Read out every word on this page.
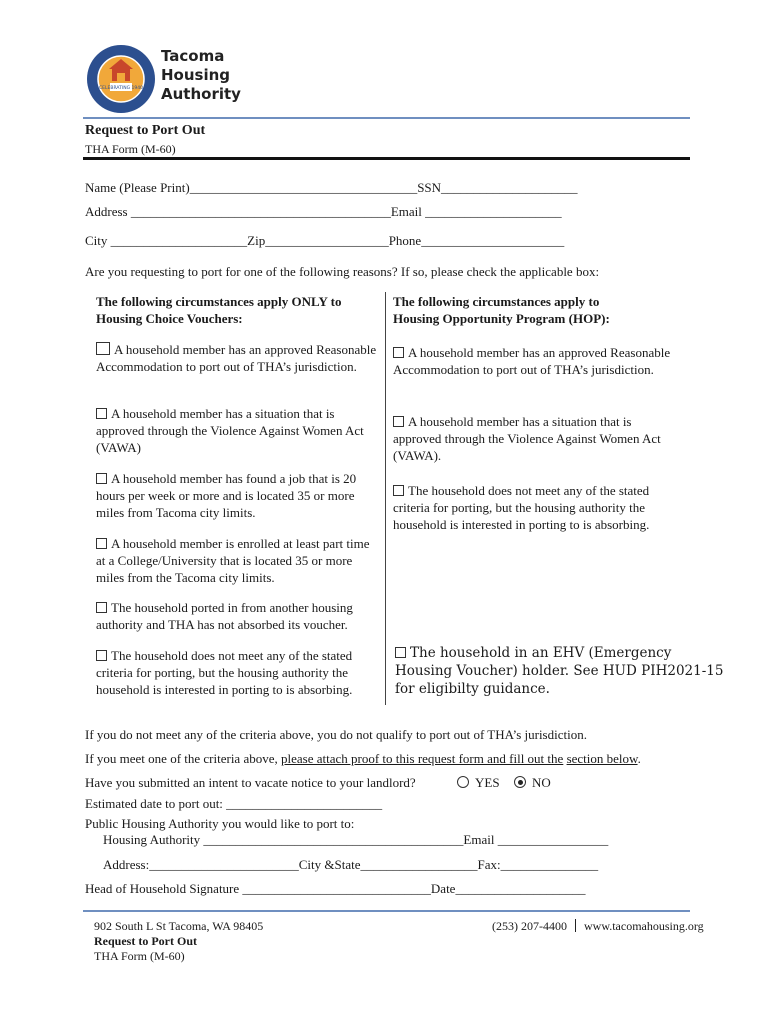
CELEBRATING 1940
Tacoma
Housing
Authority
Request to Port Out
THA Form (M-60)
Name (Please Print)___________________________________SSN_____________________
Address ________________________________________Email _____________________
City _____________________Zip___________________Phone______________________
Are you requesting to port for one of the following reasons? If so, please check the applicable box:
The following circumstances apply ONLY to
Housing Choice Vouchers:
A household member has an approved Reasonable Accommodation to port out of THA’s jurisdiction.
A household member has a situation that is approved through the Violence Against Women Act (VAWA)
A household member has found a job that is 20 hours per week or more and is located 35 or more miles from Tacoma city limits.
A household member is enrolled at least part time at a College/University that is located 35 or more miles from the Tacoma city limits.
The household ported in from another housing authority and THA has not absorbed its voucher.
The household does not meet any of the stated criteria for porting, but the housing authority the household is interested in porting to is absorbing.
The following circumstances apply to
Housing Opportunity Program (HOP):
A household member has an approved Reasonable Accommodation to port out of THA’s jurisdiction.
A household member has a situation that is approved through the Violence Against Women Act (VAWA).
The household does not meet any of the stated criteria for porting, but the housing authority the household is interested in porting to is absorbing.
The household in an EHV (Emergency Housing Voucher) holder. See HUD PIH2021-15 for eligibilty guidance.
If you do not meet any of the criteria above, you do not qualify to port out of THA’s jurisdiction.
If you meet one of the criteria above, please attach proof to this request form and fill out the section below.
Have you submitted an intent to vacate notice to your landlord?	YES	NO
Estimated date to port out: ________________________
Public Housing Authority you would like to port to:
Housing Authority ________________________________________Email _________________
Address:_______________________City &State__________________Fax:_______________
Head of Household Signature _____________________________Date____________________
902 South L St Tacoma, WA 98405
Request to Port Out
THA Form (M-60)
(253) 207-4400 www.tacomahousing.org
